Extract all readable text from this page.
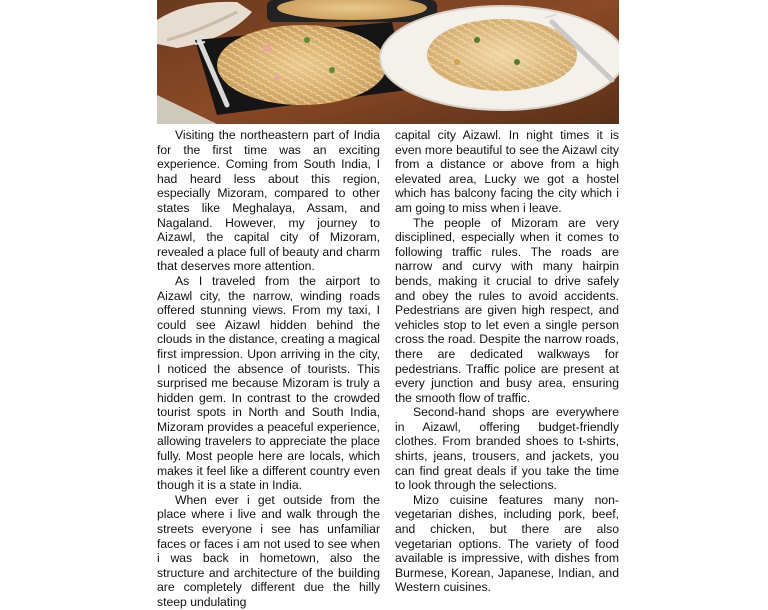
Visiting the northeastern part of India for the first time was an exciting experience. Coming from South India, I had heard less about this region, especially Mizoram, compared to other states like Meghalaya, Assam, and Nagaland. However, my journey to Aizawl, the capital city of Mizoram, revealed a place full of beauty and charm that deserves more attention.

As I traveled from the airport to Aizawl city, the narrow, winding roads offered stunning views. From my taxi, I could see Aizawl hidden behind the clouds in the distance, creating a magical first impression. Upon arriving in the city, I noticed the absence of tourists. This surprised me because Mizoram is truly a hidden gem. In contrast to the crowded tourist spots in North and South India, Mizoram provides a peaceful experience, allowing travelers to appreciate the place fully. Most people here are locals, which makes it feel like a different country even though it is a state in India.

When ever i get outside from the place where i live and walk through the streets everyone i see has unfamiliar faces or faces i am not used to see when i was back in hometown, also the structure and architecture of the building are completely different due the hilly steep undulating

capital city Aizawl. In night times it is even more beautiful to see the Aizawl city from a distance or above from a high elevated area, Lucky we got a hostel which has balcony facing the city which i am going to miss when i leave.

The people of Mizoram are very disciplined, especially when it comes to following traffic rules. The roads are narrow and curvy with many hairpin bends, making it crucial to drive safely and obey the rules to avoid accidents. Pedestrians are given high respect, and vehicles stop to let even a single person cross the road. Despite the narrow roads, there are dedicated walkways for pedestrians. Traffic police are present at every junction and busy area, ensuring the smooth flow of traffic.

Second-hand shops are everywhere in Aizawl, offering budget-friendly clothes. From branded shoes to t-shirts, shirts, jeans, trousers, and jackets, you can find great deals if you take the time to look through the selections.

Mizo cuisine features many non-vegetarian dishes, including pork, beef, and chicken, but there are also vegetarian options. The variety of food available is impressive, with dishes from Burmese, Korean, Japanese, Indian, and Western cuisines.
